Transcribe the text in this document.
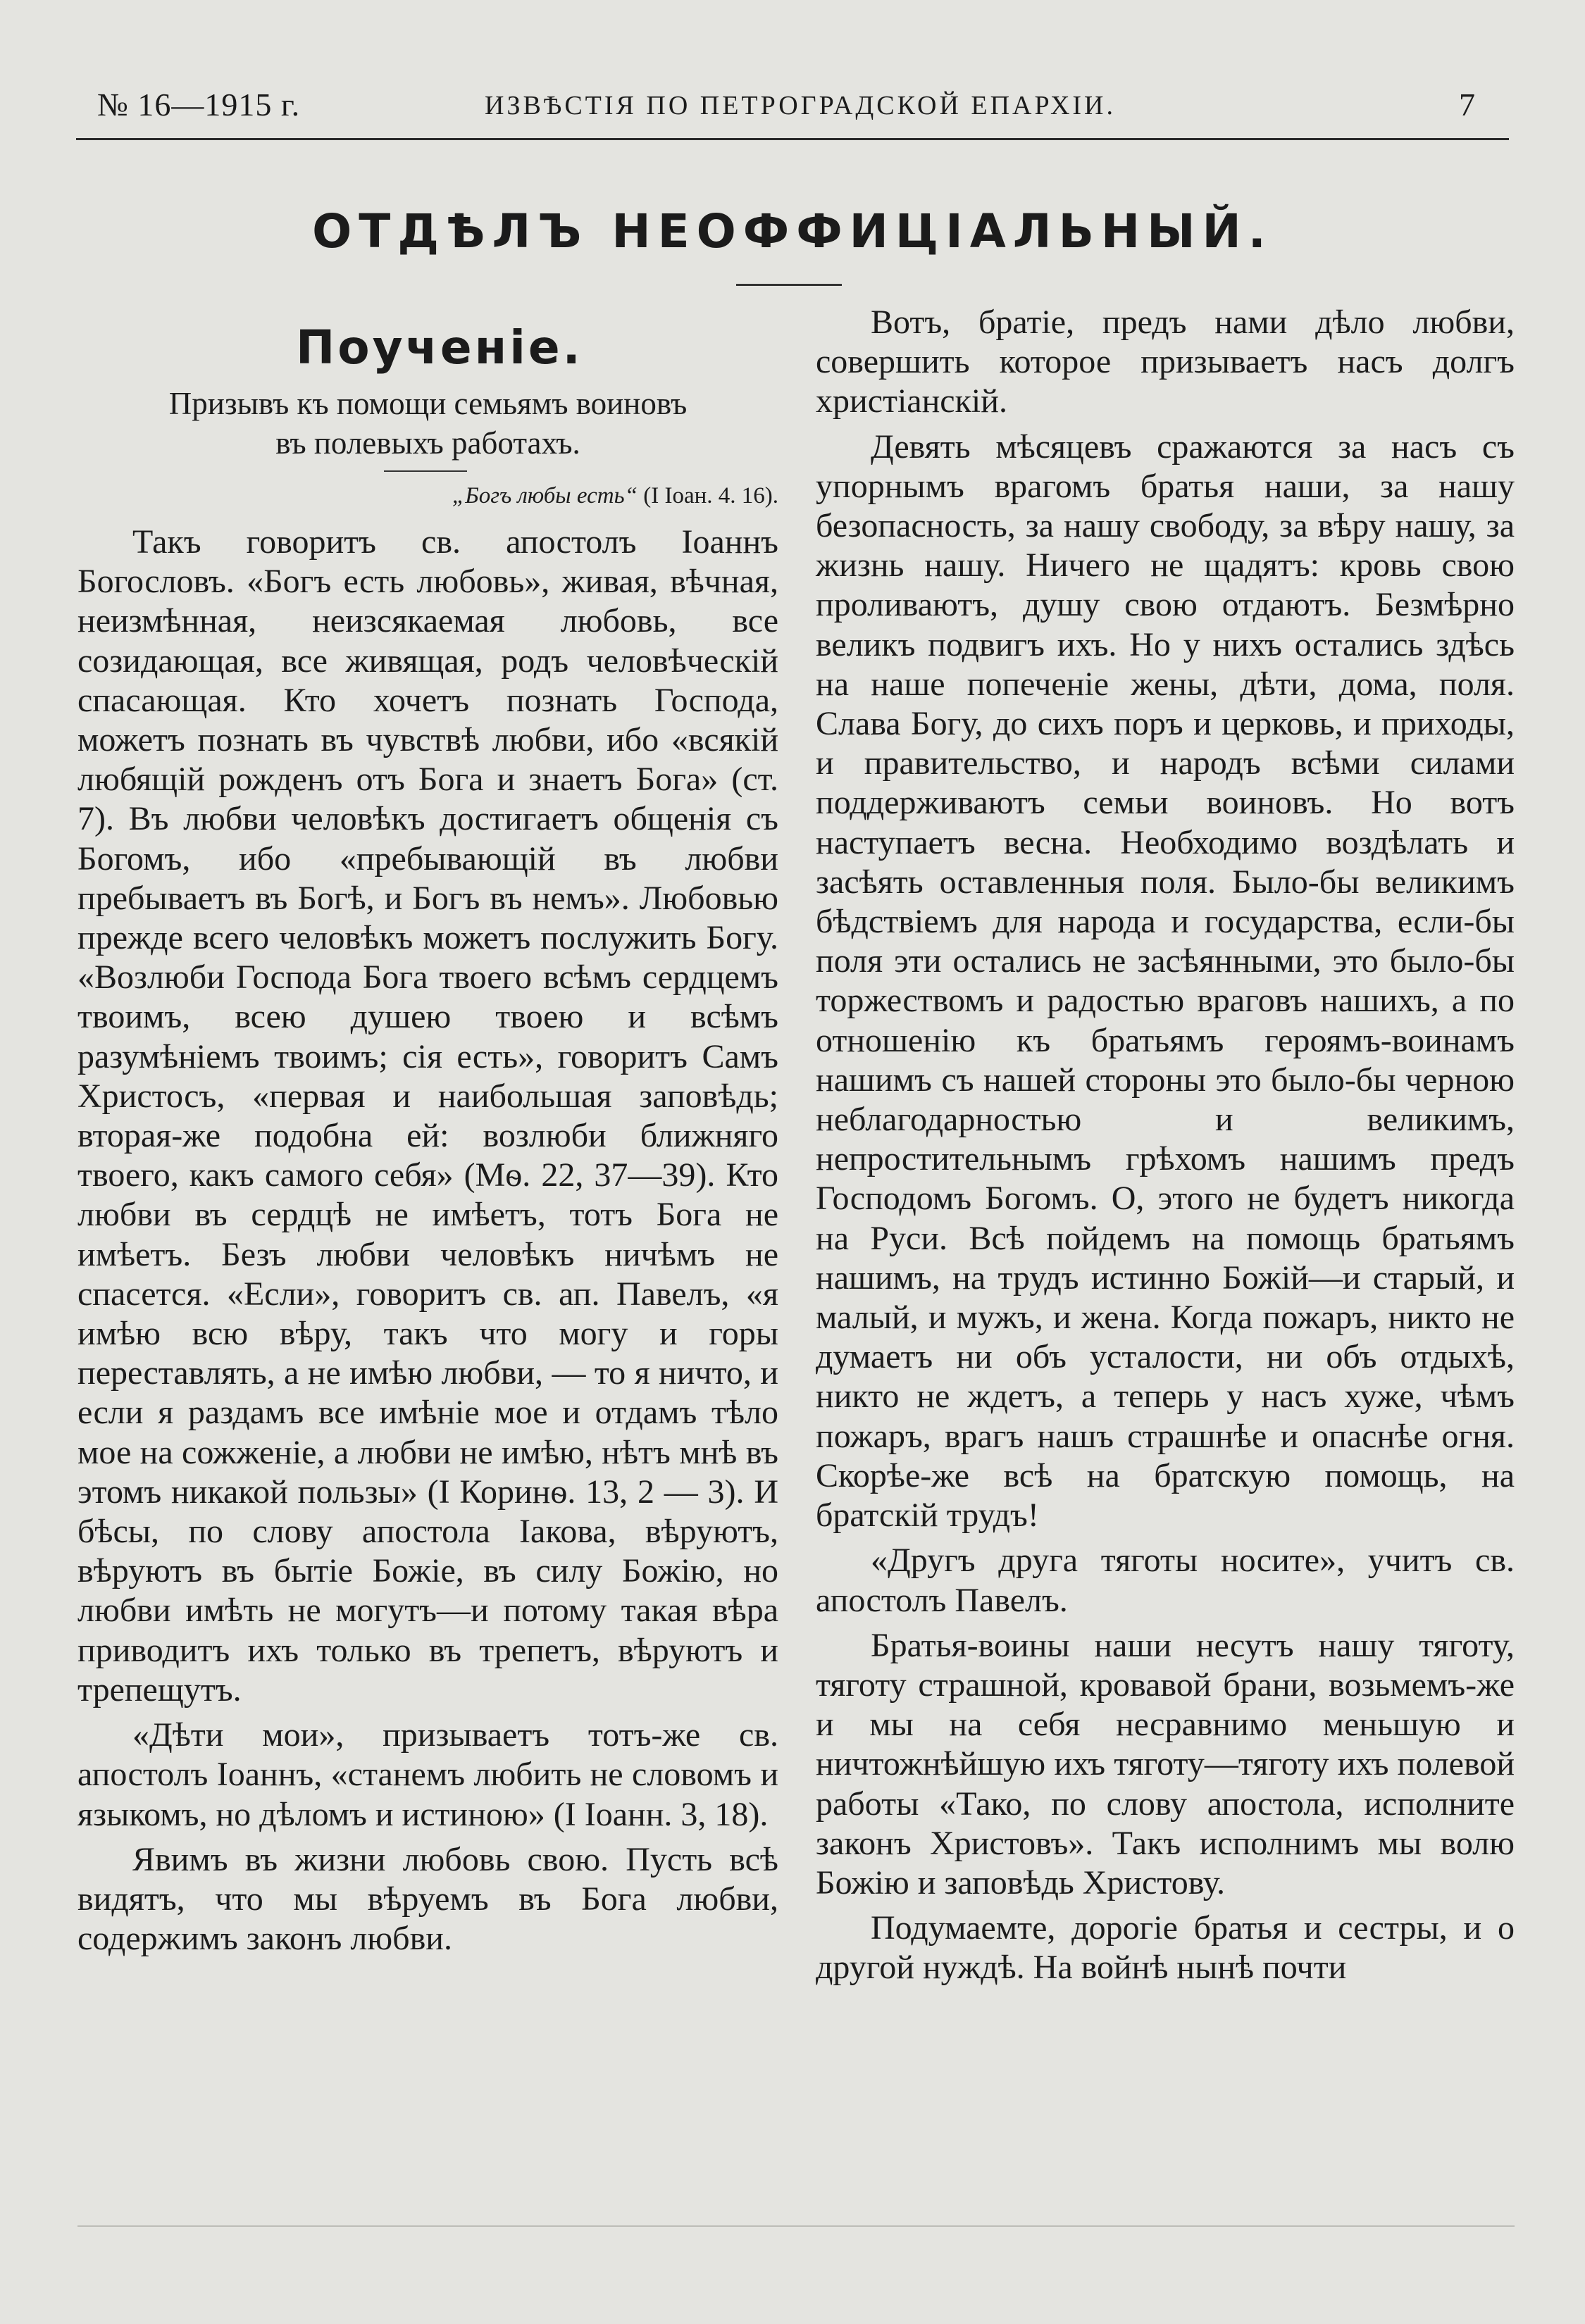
№ 16—1915 г.	ИЗВѢСТІЯ ПО ПЕТРОГРАДСКОЙ ЕПАРХІИ.	7
ОТДѢЛЪ НЕОФФИЦІАЛЬНЫЙ.
Поученіе.
Призывъ къ помощи семьямъ воиновъ
въ полевыхъ работахъ.
„Богъ любы есть“ (I Іоан. 4. 16).

Такъ говоритъ св. апостолъ Іоаннъ Богословъ. «Богъ есть любовь», живая, вѣчная, неизмѣнная, неизсякаемая любовь, все созидающая, все живящая, родъ человѣческій спасающая. Кто хочетъ познать Господа, можетъ познать въ чувствѣ любви, ибо «всякій любящій рожденъ отъ Бога и знаетъ Бога» (ст. 7). Въ любви человѣкъ достигаетъ общенія съ Богомъ, ибо «пребывающій въ любви пребываетъ въ Богѣ, и Богъ въ немъ». Любовью прежде всего человѣкъ можетъ послужить Богу. «Возлюби Господа Бога твоего всѣмъ сердцемъ твоимъ, всею душею твоею и всѣмъ разумѣніемъ твоимъ; сія есть», говоритъ Самъ Христосъ, «первая и наибольшая заповѣдь; вторая-же подобна ей: возлюби ближняго твоего, какъ самого себя» (Мѳ. 22, 37—39). Кто любви въ сердцѣ не имѣетъ, тотъ Бога не имѣетъ. Безъ любви человѣкъ ничѣмъ не спасется. «Если», говоритъ св. ап. Павелъ, «я имѣю всю вѣру, такъ что могу и горы переставлять, а не имѣю любви, — то я ничто, и если я раздамъ все имѣніе мое и отдамъ тѣло мое на сожженіе, а любви не имѣю, нѣтъ мнѣ въ этомъ никакой пользы» (I Коринѳ. 13, 2 — 3). И бѣсы, по слову апостола Іакова, вѣруютъ, вѣруютъ въ бытіе Божіе, въ силу Божію, но любви имѣть не могутъ—и потому такая вѣра приводитъ ихъ только въ трепетъ, вѣруютъ и трепещутъ.

«Дѣти мои», призываетъ тотъ-же св. апостолъ Іоаннъ, «станемъ любить не словомъ и языкомъ, но дѣломъ и истиною» (I Іоанн. 3, 18).

Явимъ въ жизни любовь свою. Пусть всѣ видятъ, что мы вѣруемъ въ Бога любви, содержимъ законъ любви.

Вотъ, братіе, предъ нами дѣло любви, совершить которое призываетъ насъ долгъ христіанскій.

Девять мѣсяцевъ сражаются за насъ съ упорнымъ врагомъ братья наши, за нашу безопасность, за нашу свободу, за вѣру нашу, за жизнь нашу. Ничего не щадятъ: кровь свою проливаютъ, душу свою отдаютъ. Безмѣрно великъ подвигъ ихъ. Но у нихъ остались здѣсь на наше попеченіе жены, дѣти, дома, поля. Слава Богу, до сихъ поръ и церковь, и приходы, и правительство, и народъ всѣми силами поддерживаютъ семьи воиновъ. Но вотъ наступаетъ весна. Необходимо воздѣлать и засѣять оставленныя поля. Было-бы великимъ бѣдствіемъ для народа и государства, если-бы поля эти остались не засѣянными, это было-бы торжествомъ и радостью враговъ нашихъ, а по отношенію къ братьямъ героямъ-воинамъ нашимъ съ нашей стороны это было-бы черною неблагодарностью и великимъ, непростительнымъ грѣхомъ нашимъ предъ Господомъ Богомъ. О, этого не будетъ никогда на Руси. Всѣ пойдемъ на помощь братьямъ нашимъ, на трудъ истинно Божій—и старый, и малый, и мужъ, и жена. Когда пожаръ, никто не думаетъ ни объ усталости, ни объ отдыхѣ, никто не ждетъ, а теперь у насъ хуже, чѣмъ пожаръ, врагъ нашъ страшнѣе и опаснѣе огня. Скорѣе-же всѣ на братскую помощь, на братскій трудъ!

«Другъ друга тяготы носите», учитъ св. апостолъ Павелъ.

Братья-воины наши несутъ нашу тяготу, тяготу страшной, кровавой брани, возьмемъ-же и мы на себя несравнимо меньшую и ничтожнѣйшую ихъ тяготу—тяготу ихъ полевой работы «Тако, по слову апостола, исполните законъ Христовъ». Такъ исполнимъ мы волю Божію и заповѣдь Христову.

Подумаемте, дорогіе братья и сестры, и о другой нуждѣ. На войнѣ нынѣ почти
